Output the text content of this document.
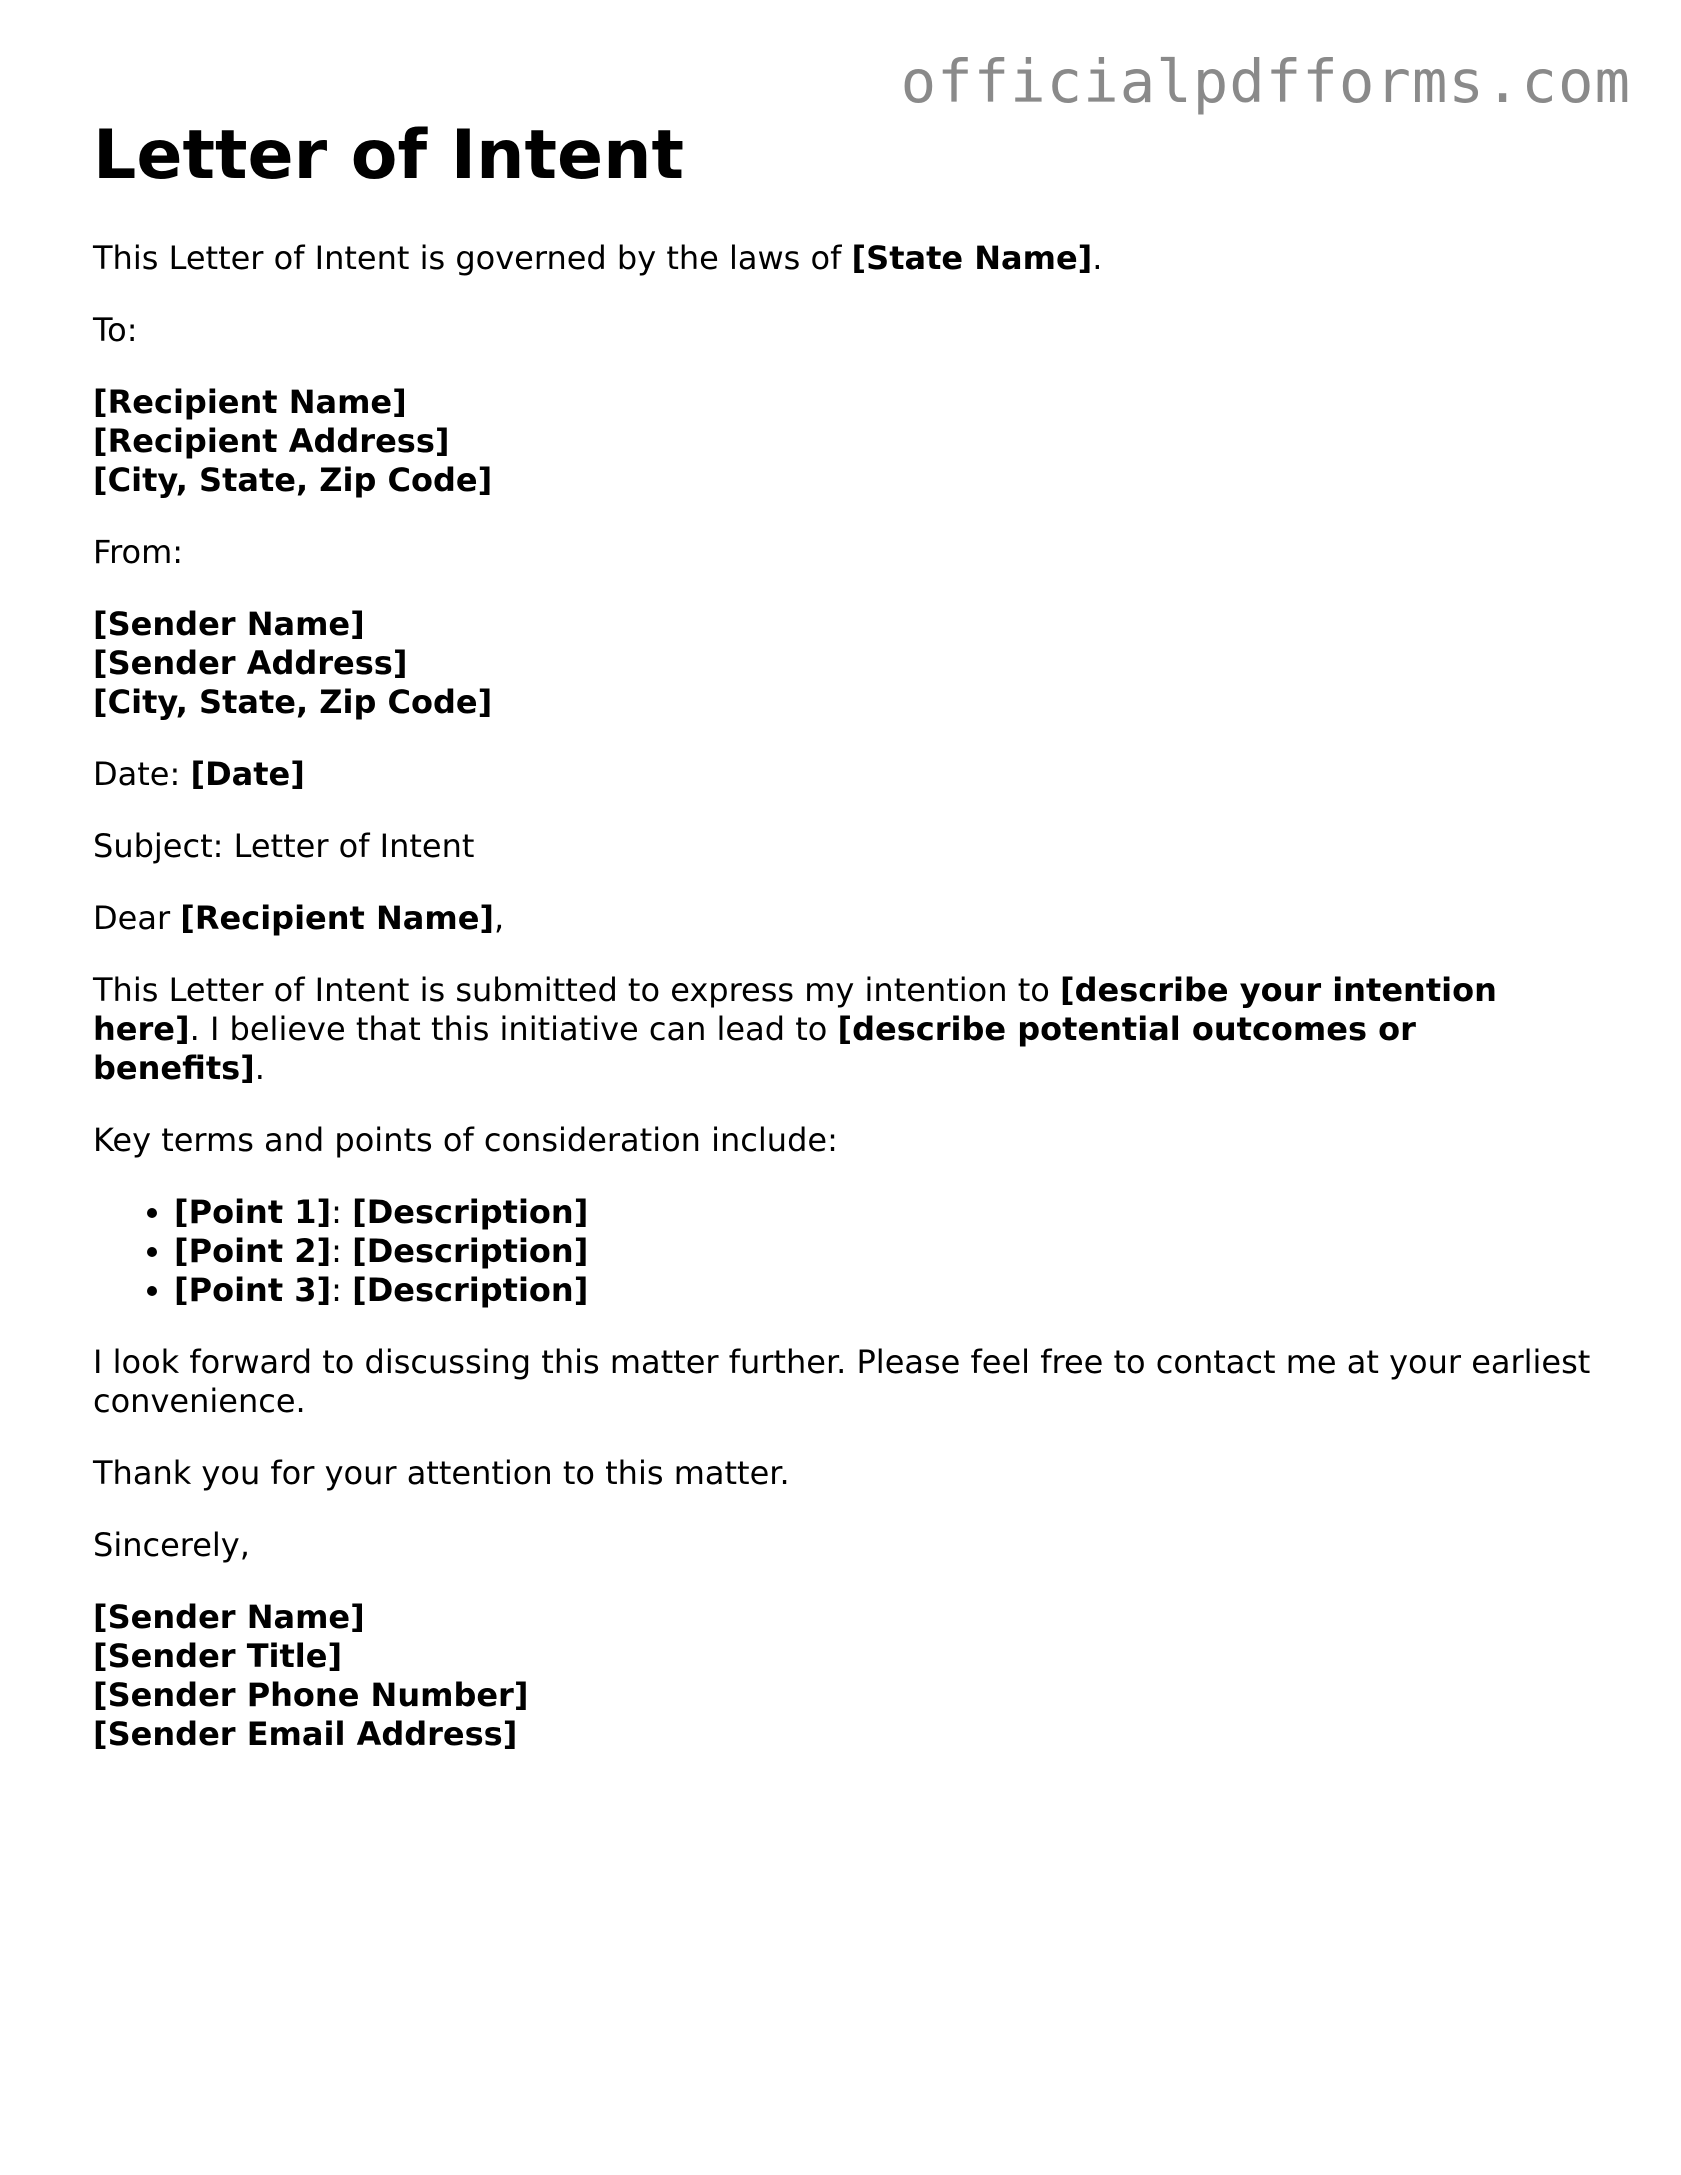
officialpdfforms.com
Letter of Intent

This Letter of Intent is governed by the laws of [State Name].

To:

[Recipient Name]
[Recipient Address]
[City, State, Zip Code]

From:

[Sender Name]
[Sender Address]
[City, State, Zip Code]

Date: [Date]

Subject: Letter of Intent

Dear [Recipient Name],

This Letter of Intent is submitted to express my intention to [describe your intention here]. I believe that this initiative can lead to [describe potential outcomes or benefits].

Key terms and points of consideration include:

• [Point 1]: [Description]
• [Point 2]: [Description]
• [Point 3]: [Description]

I look forward to discussing this matter further. Please feel free to contact me at your earliest convenience.

Thank you for your attention to this matter.

Sincerely,

[Sender Name]
[Sender Title]
[Sender Phone Number]
[Sender Email Address]
